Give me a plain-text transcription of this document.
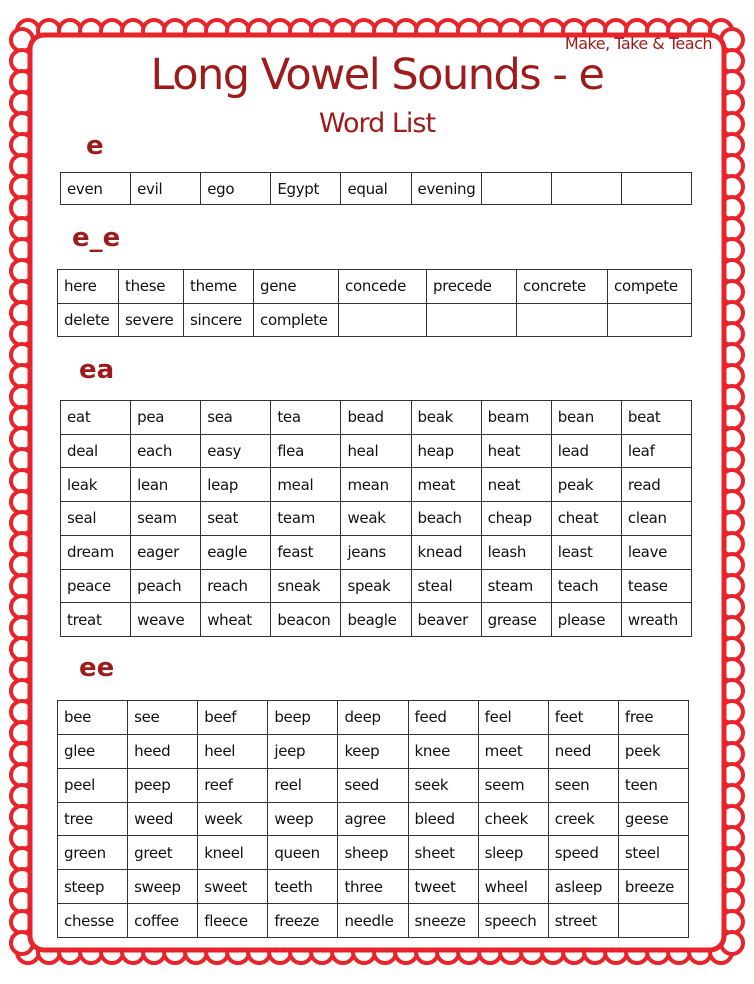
Make, Take & Teach
Long Vowel Sounds - e
Word List
e
even	evil	ego	Egypt	equal	evening			
e_e
here	these	theme	gene	concede	precede	concrete	compete
delete	severe	sincere	complete				
ea
eat	pea	sea	tea	bead	beak	beam	bean	beat
deal	each	easy	flea	heal	heap	heat	lead	leaf
leak	lean	leap	meal	mean	meat	neat	peak	read
seal	seam	seat	team	weak	beach	cheap	cheat	clean
dream	eager	eagle	feast	jeans	knead	leash	least	leave
peace	peach	reach	sneak	speak	steal	steam	teach	tease
treat	weave	wheat	beacon	beagle	beaver	grease	please	wreath
ee
bee	see	beef	beep	deep	feed	feel	feet	free
glee	heed	heel	jeep	keep	knee	meet	need	peek
peel	peep	reef	reel	seed	seek	seem	seen	teen
tree	weed	week	weep	agree	bleed	cheek	creek	geese
green	greet	kneel	queen	sheep	sheet	sleep	speed	steel
steep	sweep	sweet	teeth	three	tweet	wheel	asleep	breeze
chesse	coffee	fleece	freeze	needle	sneeze	speech	street	
